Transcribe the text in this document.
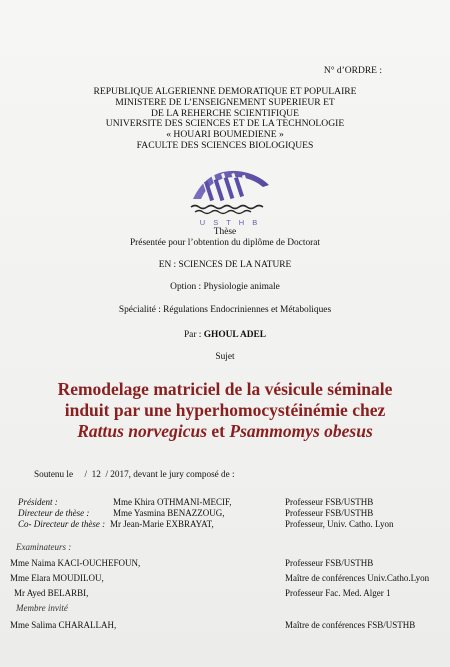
N° d’ORDRE :
REPUBLIQUE ALGERIENNE DEMORATIQUE ET POPULAIRE
MINISTERE DE L’ENSEIGNEMENT SUPERIEUR ET
DE LA REHERCHE SCIENTIFIQUE
UNIVERSITE DES SCIENCES ET DE LA TECHNOLOGIE
« HOUARI BOUMEDIENE »
FACULTE DES SCIENCES BIOLOGIQUES
U S T H B
Thèse
Présentée pour l’obtention du diplôme de Doctorat
EN : SCIENCES DE LA NATURE
Option : Physiologie animale
Spécialité : Régulations Endocriniennes et Métaboliques
Par : GHOUL ADEL
Sujet
Remodelage matriciel de la vésicule séminale
induit par une hyperhomocystéinémie chez
Rattus norvegicus et Psammomys obesus
Soutenu le     /  12  / 2017, devant le jury composé de :
Président :	Mme Khira OTHMANI-MECIF,	Professeur FSB/USTHB
Directeur de thèse :	Mme Yasmina BENAZZOUG,	Professeur FSB/USTHB
Co- Directeur de thèse : Mr Jean-Marie EXBRAYAT,	Professeur, Univ. Catho. Lyon
Examinateurs :
Mme Naima KACI-OUCHEFOUN,	Professeur FSB/USTHB
Mme Elara MOUDILOU,	Maître de conférences Univ.Catho.Lyon
Mr Ayed BELARBI,	Professeur Fac. Med. Alger 1
Membre invité
Mme Salima CHARALLAH,	Maître de conférences FSB/USTHB
